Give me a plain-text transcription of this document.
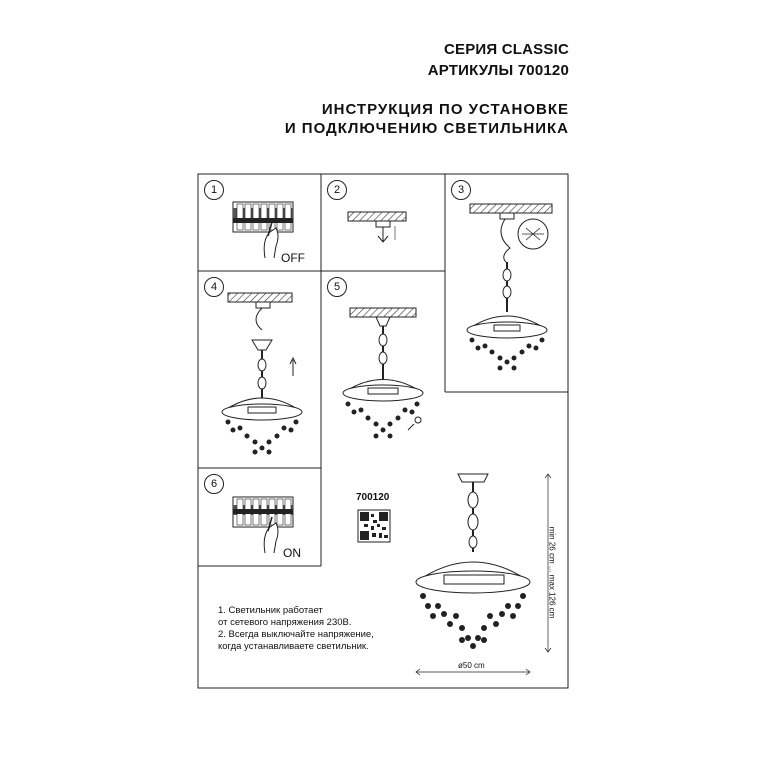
СЕРИЯ CLASSIC
АРТИКУЛЫ 700120
ИНСТРУКЦИЯ ПО УСТАНОВКЕ
И ПОДКЛЮЧЕНИЮ СВЕТИЛЬНИКА
1	2	3
4	5
6
OFF
ON
700120
1. Светильник работает
от сетевого напряжения 230В.
2. Всегда выключайте напряжение,
когда устанавливаете светильник.
ø50 cm
min 26 cm ... max 126 cm
